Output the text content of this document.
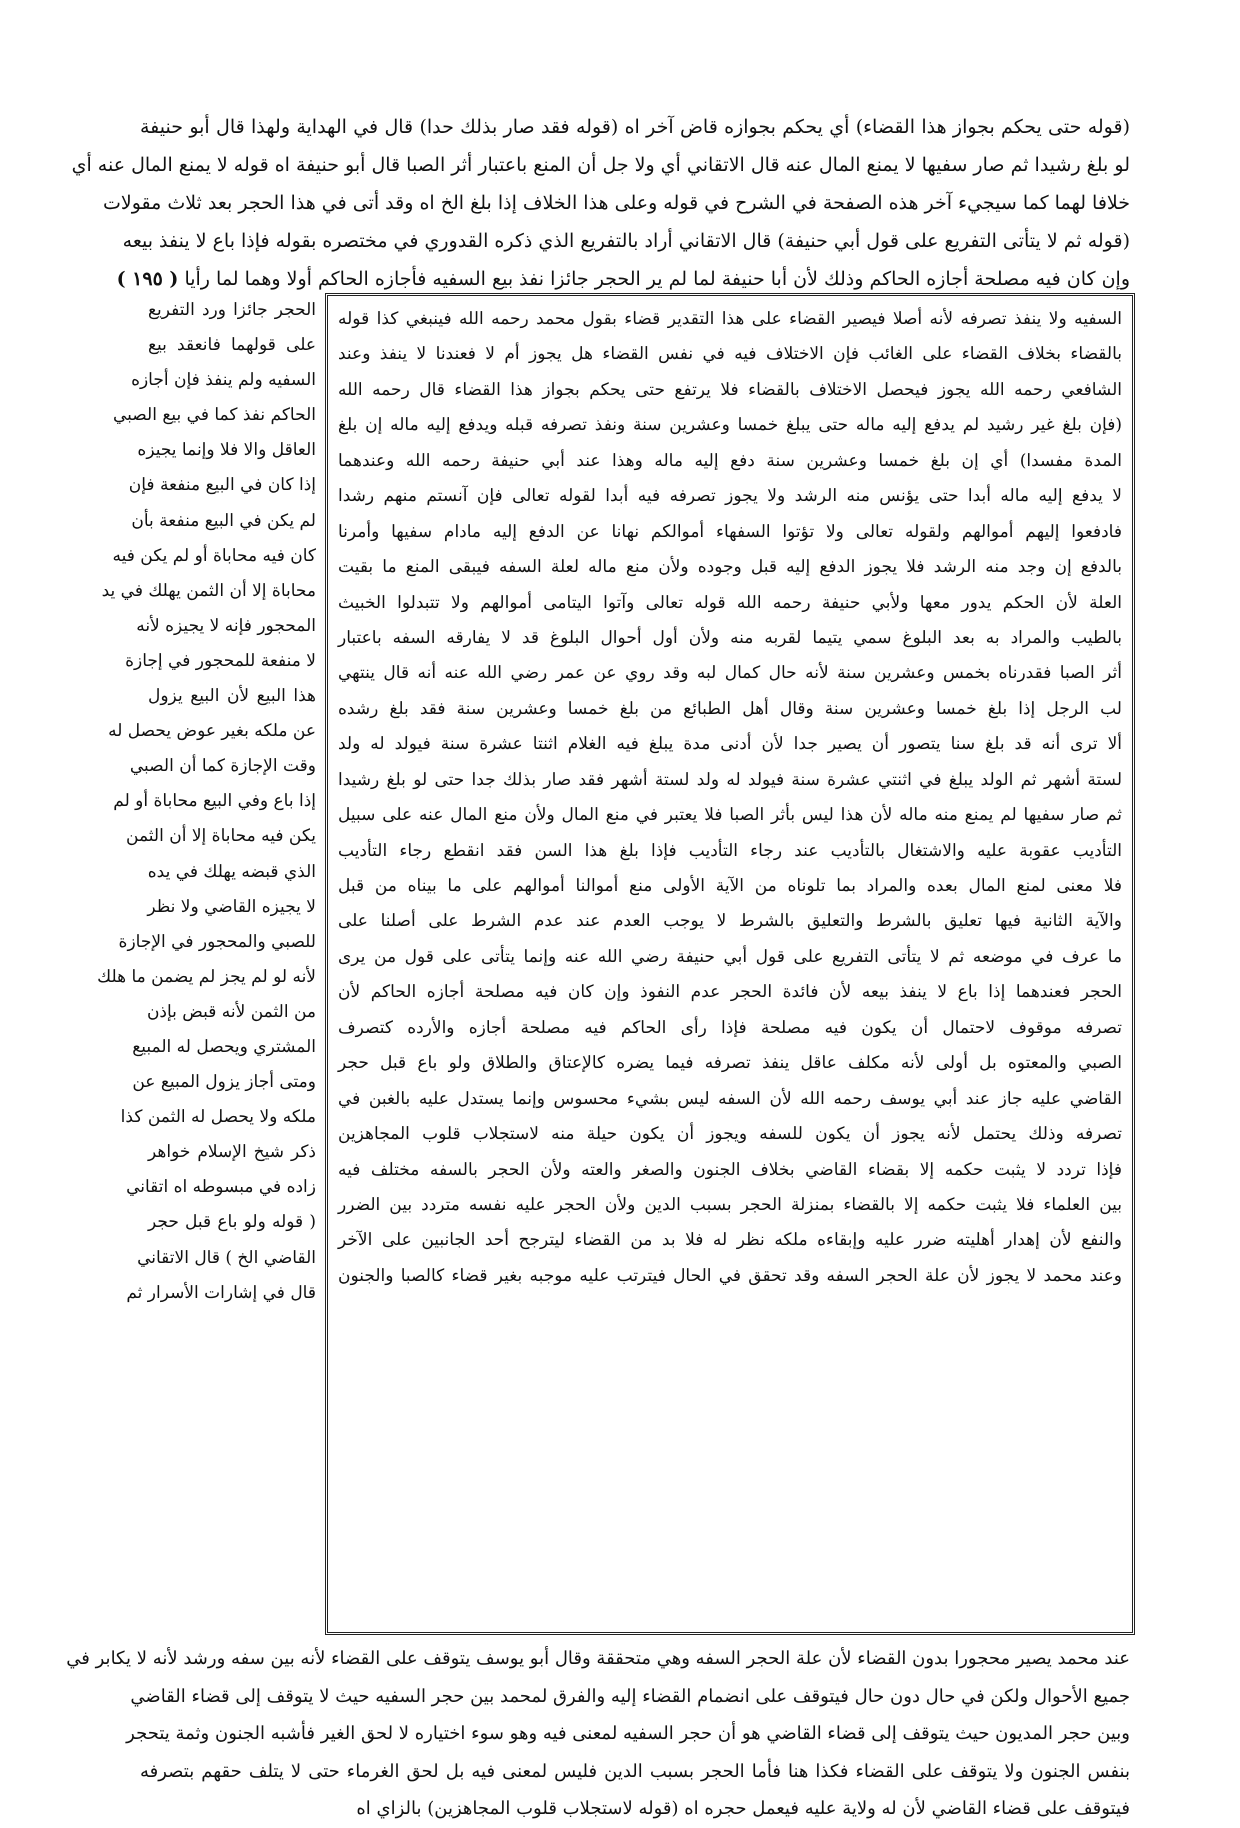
(قوله حتى يحكم بجواز هذا القضاء) أي يحكم بجوازه قاض آخر اه (قوله فقد صار بذلك حدا) قال في الهداية ولهذا قال أبو حنيفة
لو بلغ رشيدا ثم صار سفيها لا يمنع المال عنه قال الاتقاني أي ولا جل أن المنع باعتبار أثر الصبا قال أبو حنيفة اه قوله لا يمنع المال عنه أي
خلافا لهما كما سيجيء آخر هذه الصفحة في الشرح في قوله وعلى هذا الخلاف إذا بلغ الخ اه وقد أتى في هذا الحجر بعد ثلاث مقولات
(قوله ثم لا يتأتى التفريع على قول أبي حنيفة) قال الاتقاني أراد بالتفريع الذي ذكره القدوري في مختصره بقوله فإذا باع لا ينفذ بيعه
وإن كان فيه مصلحة أجازه الحاكم وذلك لأن أبا حنيفة لما لم ير الحجر جائزا نفذ بيع السفيه فأجازه الحاكم أولا وهما لما رأيا ( ١٩٥ )
السفيه ولا ينفذ تصرفه لأنه أصلا فيصير القضاء على هذا التقدير قضاء بقول محمد رحمه الله فينبغي كذا قوله
بالقضاء بخلاف القضاء على الغائب فإن الاختلاف فيه في نفس القضاء هل يجوز أم لا فعندنا لا ينفذ وعند
الشافعي رحمه الله يجوز فيحصل الاختلاف بالقضاء فلا يرتفع حتى يحكم بجواز هذا القضاء قال رحمه الله
(فإن بلغ غير رشيد لم يدفع إليه ماله حتى يبلغ خمسا وعشرين سنة ونفذ تصرفه قبله ويدفع إليه ماله إن بلغ
المدة مفسدا) أي إن بلغ خمسا وعشرين سنة دفع إليه ماله وهذا عند أبي حنيفة رحمه الله وعندهما
لا يدفع إليه ماله أبدا حتى يؤنس منه الرشد ولا يجوز تصرفه فيه أبدا لقوله تعالى فإن آنستم منهم رشدا
فادفعوا إليهم أموالهم ولقوله تعالى ولا تؤتوا السفهاء أموالكم نهانا عن الدفع إليه مادام سفيها وأمرنا
بالدفع إن وجد منه الرشد فلا يجوز الدفع إليه قبل وجوده ولأن منع ماله لعلة السفه فيبقى المنع ما بقيت
العلة لأن الحكم يدور معها ولأبي حنيفة رحمه الله قوله تعالى وآتوا اليتامى أموالهم ولا تتبدلوا الخبيث
بالطيب والمراد به بعد البلوغ سمي يتيما لقربه منه ولأن أول أحوال البلوغ قد لا يفارقه السفه باعتبار
أثر الصبا فقدرناه بخمس وعشرين سنة لأنه حال كمال لبه وقد روي عن عمر رضي الله عنه أنه قال ينتهي
لب الرجل إذا بلغ خمسا وعشرين سنة وقال أهل الطبائع من بلغ خمسا وعشرين سنة فقد بلغ رشده
ألا ترى أنه قد بلغ سنا يتصور أن يصير جدا لأن أدنى مدة يبلغ فيه الغلام اثنتا عشرة سنة فيولد له ولد
لستة أشهر ثم الولد يبلغ في اثنتي عشرة سنة فيولد له ولد لستة أشهر فقد صار بذلك جدا حتى لو بلغ رشيدا
ثم صار سفيها لم يمنع منه ماله لأن هذا ليس بأثر الصبا فلا يعتبر في منع المال ولأن منع المال عنه على سبيل
التأديب عقوبة عليه والاشتغال بالتأديب عند رجاء التأديب فإذا بلغ هذا السن فقد انقطع رجاء التأديب
فلا معنى لمنع المال بعده والمراد بما تلوناه من الآية الأولى منع أموالنا أموالهم على ما بيناه من قبل
والآية الثانية فيها تعليق بالشرط والتعليق بالشرط لا يوجب العدم عند عدم الشرط على أصلنا على
ما عرف في موضعه ثم لا يتأتى التفريع على قول أبي حنيفة رضي الله عنه وإنما يتأتى على قول من يرى
الحجر فعندهما إذا باع لا ينفذ بيعه لأن فائدة الحجر عدم النفوذ وإن كان فيه مصلحة أجازه الحاكم لأن
تصرفه موقوف لاحتمال أن يكون فيه مصلحة فإذا رأى الحاكم فيه مصلحة أجازه والأرده كتصرف
الصبي والمعتوه بل أولى لأنه مكلف عاقل ينفذ تصرفه فيما يضره كالإعتاق والطلاق ولو باع قبل حجر
القاضي عليه جاز عند أبي يوسف رحمه الله لأن السفه ليس بشيء محسوس وإنما يستدل عليه بالغبن في
تصرفه وذلك يحتمل لأنه يجوز أن يكون للسفه ويجوز أن يكون حيلة منه لاستجلاب قلوب المجاهزين
فإذا تردد لا يثبت حكمه إلا بقضاء القاضي بخلاف الجنون والصغر والعته ولأن الحجر بالسفه مختلف فيه
بين العلماء فلا يثبت حكمه إلا بالقضاء بمنزلة الحجر بسبب الدين ولأن الحجر عليه نفسه متردد بين الضرر
والنفع لأن إهدار أهليته ضرر عليه وإبقاءه ملكه نظر له فلا بد من القضاء ليترجح أحد الجانبين على الآخر
وعند محمد لا يجوز لأن علة الحجر السفه وقد تحقق في الحال فيترتب عليه موجبه بغير قضاء كالصبا والجنون
الحجر جائزا ورد التفريع
على قولهما فانعقد بيع
السفيه ولم ينفذ فإن أجازه
الحاكم نفذ كما في بيع الصبي
العاقل والا فلا وإنما يجيزه
إذا كان في البيع منفعة فإن
لم يكن في البيع منفعة بأن
كان فيه محاباة أو لم يكن فيه
محاباة إلا أن الثمن يهلك في يد
المحجور فإنه لا يجيزه لأنه
لا منفعة للمحجور في إجازة
هذا البيع لأن البيع يزول
عن ملكه بغير عوض يحصل له
وقت الإجازة كما أن الصبي
إذا باع وفي البيع محاباة أو لم
يكن فيه محاباة إلا أن الثمن
الذي قبضه يهلك في يده
لا يجيزه القاضي ولا نظر
للصبي والمحجور في الإجازة
لأنه لو لم يجز لم يضمن ما هلك
من الثمن لأنه قبض بإذن
المشتري ويحصل له المبيع
ومتى أجاز يزول المبيع عن
ملكه ولا يحصل له الثمن كذا
ذكر شيخ الإسلام خواهر
زاده في مبسوطه اه اتقاني
( قوله ولو باع قبل حجر
القاضي الخ ) قال الاتقاني
قال في إشارات الأسرار ثم
عند محمد يصير محجورا بدون القضاء لأن علة الحجر السفه وهي متحققة وقال أبو يوسف يتوقف على القضاء لأنه بين سفه ورشد لأنه لا يكابر في
جميع الأحوال ولكن في حال دون حال فيتوقف على انضمام القضاء إليه والفرق لمحمد بين حجر السفيه حيث لا يتوقف إلى قضاء القاضي
وبين حجر المديون حيث يتوقف إلى قضاء القاضي هو أن حجر السفيه لمعنى فيه وهو سوء اختياره لا لحق الغير فأشبه الجنون وثمة يتحجر
بنفس الجنون ولا يتوقف على القضاء فكذا هنا فأما الحجر بسبب الدين فليس لمعنى فيه بل لحق الغرماء حتى لا يتلف حقهم بتصرفه
فيتوقف على قضاء القاضي لأن له ولاية عليه فيعمل حجره اه (قوله لاستجلاب قلوب المجاهزين) بالزاي اه
